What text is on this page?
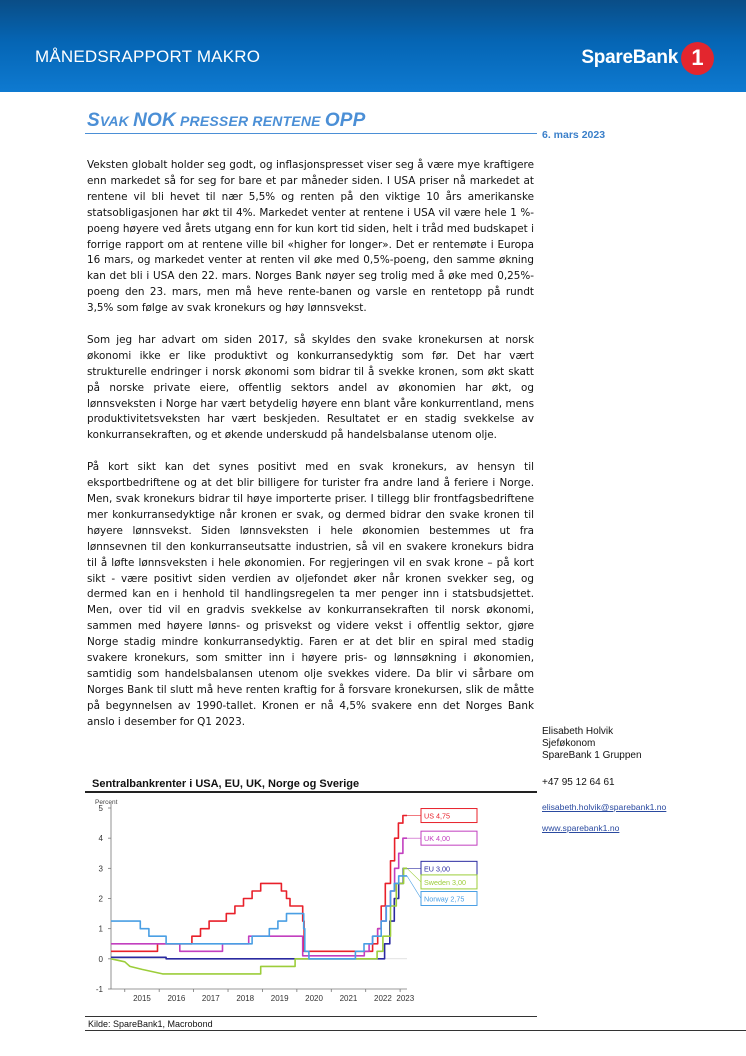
MÅNEDSRAPPORT MAKRO	SpareBank 1
SVAK NOK PRESSER RENTENE OPP
6. mars 2023

Veksten globalt holder seg godt, og inflasjonspresset viser seg å være mye kraftigere enn markedet så for seg for bare et par måneder siden. I USA priser nå markedet at rentene vil bli hevet til nær 5,5% og renten på den viktige 10 års amerikanske statsobligasjonen har økt til 4%. Markedet venter at rentene i USA vil være hele 1 %-poeng høyere ved årets utgang enn for kun kort tid siden, helt i tråd med budskapet i forrige rapport om at rentene ville bil «higher for longer». Det er rentemøte i Europa 16 mars, og markedet venter at renten vil øke med 0,5%-poeng, den samme økning kan det bli i USA den 22. mars. Norges Bank nøyer seg trolig med å øke med 0,25%-poeng den 23. mars, men må heve rente-banen og varsle en rentetopp på rundt 3,5% som følge av svak kronekurs og høy lønnsvekst.

Som jeg har advart om siden 2017, så skyldes den svake kronekursen at norsk økonomi ikke er like produktivt og konkurransedyktig som før. Det har vært strukturelle endringer i norsk økonomi som bidrar til å svekke kronen, som økt skatt på norske private eiere, offentlig sektors andel av økonomien har økt, og lønnsveksten i Norge har vært betydelig høyere enn blant våre konkurrentland, mens produktivitetsveksten har vært beskjeden. Resultatet er en stadig svekkelse av konkurransekraften, og et økende underskudd på handelsbalanse utenom olje.

På kort sikt kan det synes positivt med en svak kronekurs, av hensyn til eksportbedriftene og at det blir billigere for turister fra andre land å feriere i Norge. Men, svak kronekurs bidrar til høye importerte priser. I tillegg blir frontfagsbedriftene mer konkurransedyktige når kronen er svak, og dermed bidrar den svake kronen til høyere lønnsvekst. Siden lønnsveksten i hele økonomien bestemmes ut fra lønnsevnen til den konkurranseutsatte industrien, så vil en svakere kronekurs bidra til å løfte lønnsveksten i hele økonomien. For regjeringen vil en svak krone – på kort sikt - være positivt siden verdien av oljefondet øker når kronen svekker seg, og dermed kan en i henhold til handlingsregelen ta mer penger inn i statsbudsjettet. Men, over tid vil en gradvis svekkelse av konkurransekraften til norsk økonomi, sammen med høyere lønns- og prisvekst og videre vekst i offentlig sektor, gjøre Norge stadig mindre konkurransedyktig. Faren er at det blir en spiral med stadig svakere kronekurs, som smitter inn i høyere pris- og lønnsøkning i økonomien, samtidig som handelsbalansen utenom olje svekkes videre. Da blir vi sårbare om Norges Bank til slutt må heve renten kraftig for å forsvare kronekursen, slik de måtte på begynnelsen av 1990-tallet. Kronen er nå 4,5% svakere enn det Norges Bank anslo i desember for Q1 2023.

Elisabeth Holvik
Sjeføkonom
SpareBank 1 Gruppen
+47 95 12 64 61
elisabeth.holvik@sparebank1.no
www.sparebank1.no
Sentralbankrenter i USA, EU, UK, Norge og Sverige
Percent
-1
0
1
2
3
4
5
2015 2016 2017 2018 2019 2020 2021 2022 2023
US 4,75
UK 4,00
EU 3,00
Sweden 3,00
Norway 2,75
Kilde: SpareBank1, Macrobond
